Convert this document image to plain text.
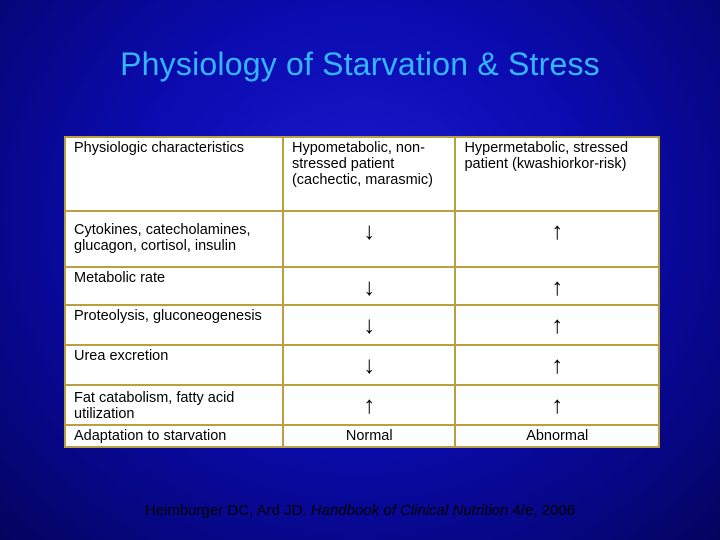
Physiology of Starvation & Stress
Physiologic characteristics	Hypometabolic, non-stressed patient (cachectic, marasmic)	Hypermetabolic, stressed patient (kwashiorkor-risk)
Cytokines, catecholamines, glucagon, cortisol, insulin	↓	↑
Metabolic rate	↓	↑
Proteolysis, gluconeogenesis	↓	↑
Urea excretion	↓	↑
Fat catabolism, fatty acid utilization	↑	↑
Adaptation to starvation	Normal	Abnormal
Heimburger DC, Ard JD. Handbook of Clinical Nutrition 4/e, 2006
